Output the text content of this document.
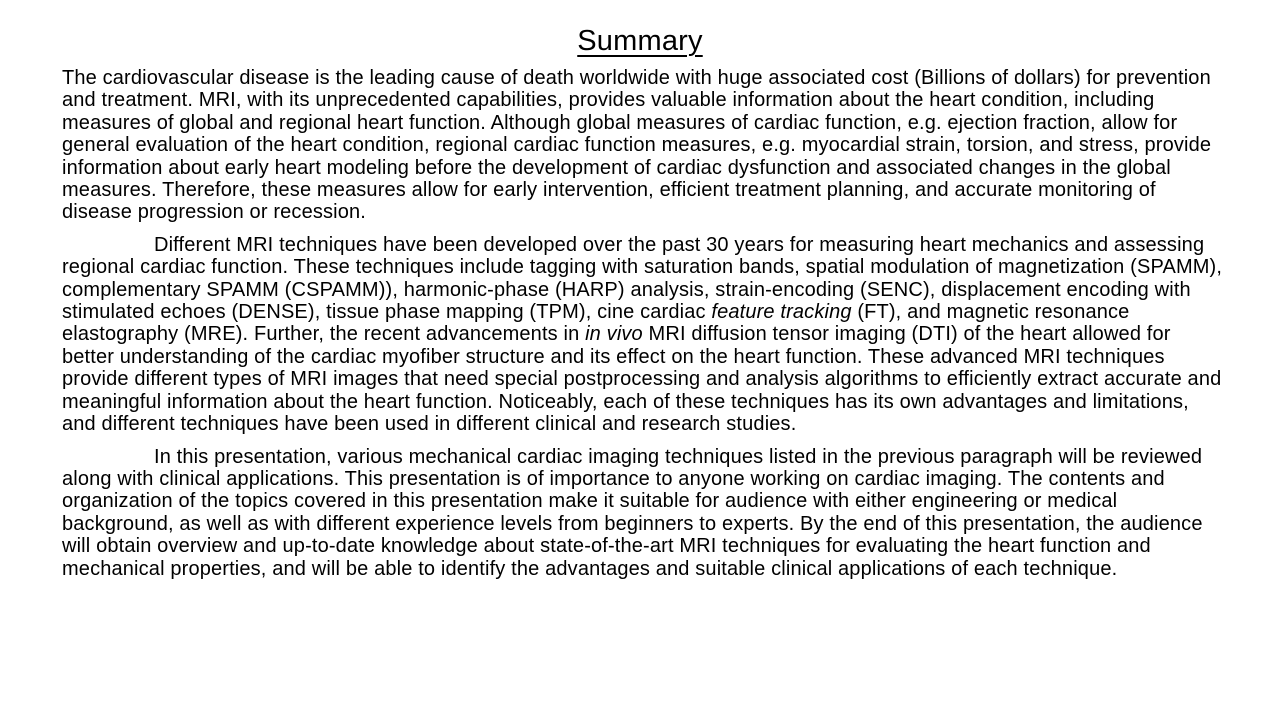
Summary

The cardiovascular disease is the leading cause of death worldwide with huge associated cost (Billions of dollars) for prevention and treatment. MRI, with its unprecedented capabilities, provides valuable information about the heart condition, including measures of global and regional heart function. Although global measures of cardiac function, e.g. ejection fraction, allow for general evaluation of the heart condition, regional cardiac function measures, e.g. myocardial strain, torsion, and stress, provide information about early heart modeling before the development of cardiac dysfunction and associated changes in the global measures. Therefore, these measures allow for early intervention, efficient treatment planning, and accurate monitoring of disease progression or recession.

Different MRI techniques have been developed over the past 30 years for measuring heart mechanics and assessing regional cardiac function. These techniques include tagging with saturation bands, spatial modulation of magnetization (SPAMM), complementary SPAMM (CSPAMM)), harmonic-phase (HARP) analysis, strain-encoding (SENC), displacement encoding with stimulated echoes (DENSE), tissue phase mapping (TPM), cine cardiac feature tracking (FT), and magnetic resonance elastography (MRE). Further, the recent advancements in in vivo MRI diffusion tensor imaging (DTI) of the heart allowed for better understanding of the cardiac myofiber structure and its effect on the heart function. These advanced MRI techniques provide different types of MRI images that need special postprocessing and analysis algorithms to efficiently extract accurate and meaningful information about the heart function. Noticeably, each of these techniques has its own advantages and limitations, and different techniques have been used in different clinical and research studies.

In this presentation, various mechanical cardiac imaging techniques listed in the previous paragraph will be reviewed along with clinical applications. This presentation is of importance to anyone working on cardiac imaging. The contents and organization of the topics covered in this presentation make it suitable for audience with either engineering or medical background, as well as with different experience levels from beginners to experts. By the end of this presentation, the audience will obtain overview and up-to-date knowledge about state-of-the-art MRI techniques for evaluating the heart function and mechanical properties, and will be able to identify the advantages and suitable clinical applications of each technique.
